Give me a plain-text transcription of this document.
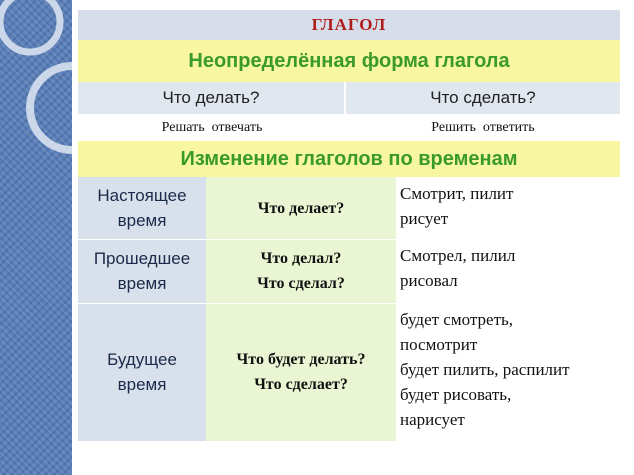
ГЛАГОЛ
Неопределённая форма глагола
Что делать?	Что сделать?
Решать  отвечать	Решить  ответить
Изменение глаголов по временам
Настоящее
время
Что делает?
Смотрит, пилит
рисует
Прошедшее
время
Что делал?
Что сделал?
Смотрел, пилил
рисовал
Будущее
время
Что будет делать?
Что сделает?
будет смотреть,
посмотрит
будет пилить, распилит
будет рисовать,
нарисует
